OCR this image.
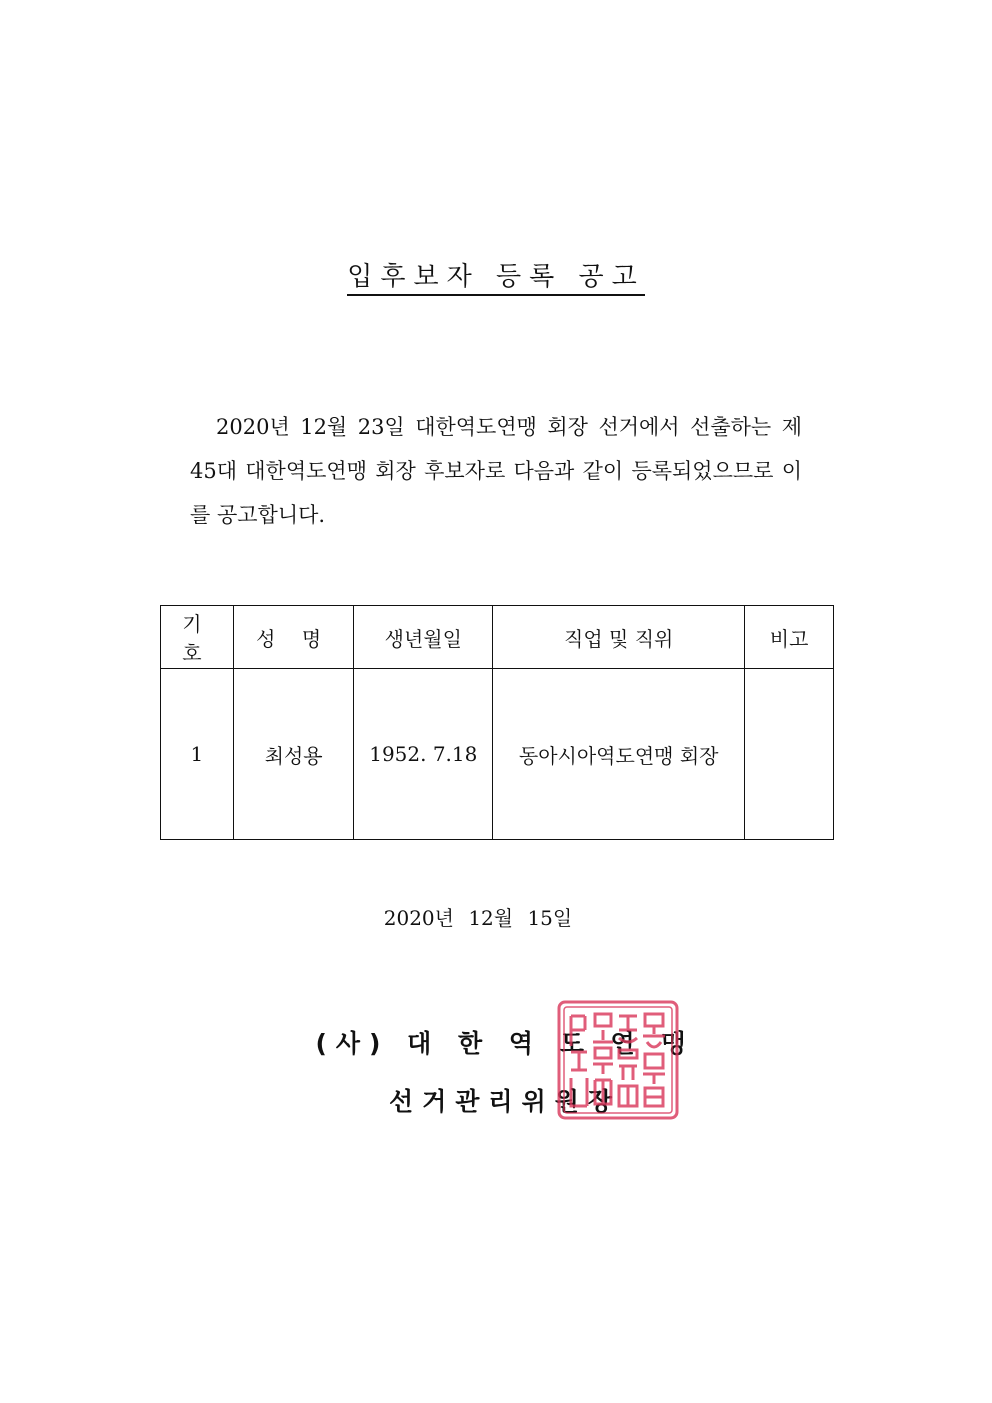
입후보자 등록 공고
2020년 12월 23일 대한역도연맹 회장 선거에서 선출하는 제45대 대한역도연맹 회장 후보자로 다음과 같이 등록되었으므로 이를 공고합니다.
기 호	성 명	생년월일	직업 및 직위	비고
1	최성용	1952. 7.18	동아시아역도연맹 회장	
2020년 12월 15일
(사) 대 한 역 도 연 맹
선거관리위원장
